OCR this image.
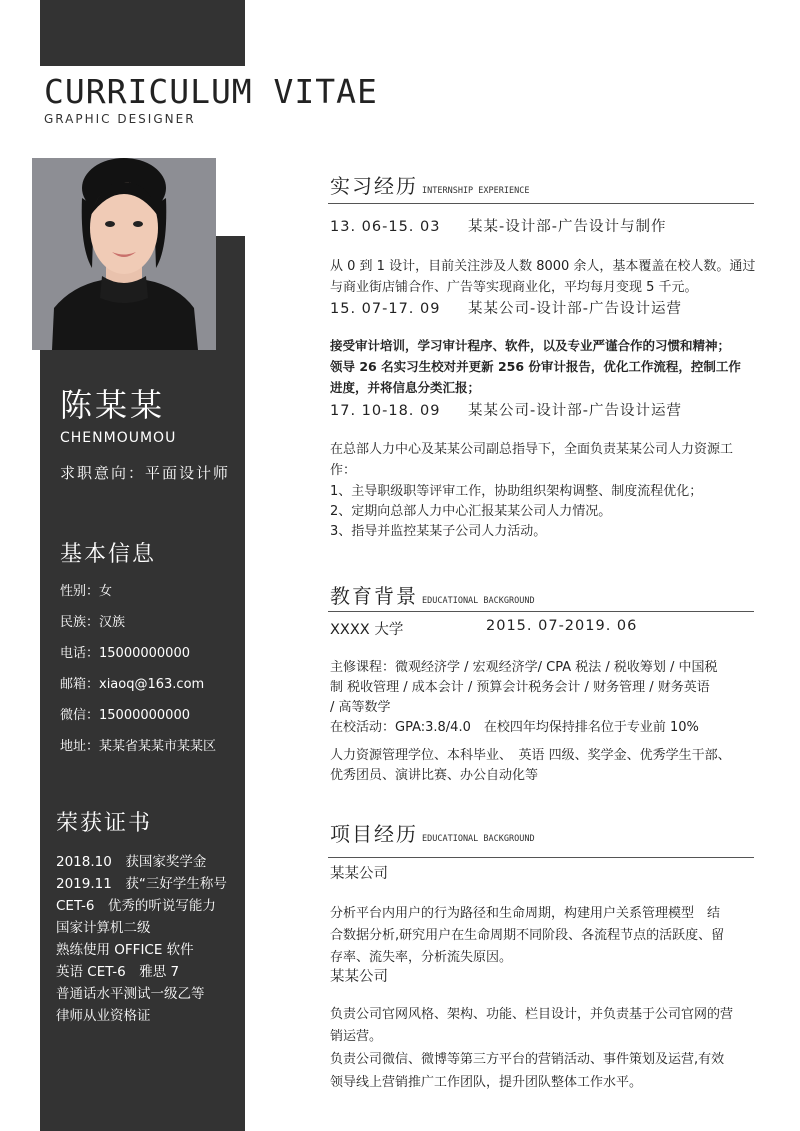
CURRICULUM VITAE
GRAPHIC DESIGNER
陈某某
CHENMOUMOU
求职意向：平面设计师
基本信息
性别：女
民族：汉族
电话：15000000000
邮箱：xiaoq@163.com
微信：15000000000
地址：某某省某某市某某区
荣获证书
2018.10　获国家奖学金
2019.11　获“三好学生称号
CET-6　优秀的听说写能力
国家计算机二级
熟练使用 OFFICE 软件
英语 CET-6　雅思 7
普通话水平测试一级乙等
律师从业资格证
实习经历 INTERNSHIP EXPERIENCE
13. 06-15. 03 某某-设计部-广告设计与制作
从 0 到 1 设计，目前关注涉及人数 8000 余人，基本覆盖在校人数。通过
与商业街店铺合作、广告等实现商业化，平均每月变现 5 千元。
15. 07-17. 09 某某公司-设计部-广告设计运营
接受审计培训，学习审计程序、软件，以及专业严谨合作的习惯和精神；
领导 26 名实习生校对并更新 256 份审计报告，优化工作流程，控制工作
进度，并将信息分类汇报；
17. 10-18. 09 某某公司-设计部-广告设计运营
在总部人力中心及某某公司副总指导下，全面负责某某公司人力资源工
作：
1、主导职级职等评审工作，协助组织架构调整、制度流程优化；
2、定期向总部人力中心汇报某某公司人力情况。
3、指导并监控某某子公司人力活动。
教育背景 EDUCATIONAL BACKGROUND
XXXX 大学	2015. 07-2019. 06
主修课程：微观经济学 / 宏观经济学/ CPA 税法 / 税收筹划 / 中国税
制 税收管理 / 成本会计 / 预算会计税务会计 / 财务管理 / 财务英语
/ 高等数学
在校活动：GPA:3.8/4.0　在校四年均保持排名位于专业前 10%
人力资源管理学位、本科毕业、　英语 四级、奖学金、优秀学生干部、
优秀团员、演讲比赛、办公自动化等
项目经历 EDUCATIONAL BACKGROUND
某某公司
分析平台内用户的行为路径和生命周期，构建用户关系管理模型　结
合数据分析,研究用户在生命周期不同阶段、各流程节点的活跃度、留
存率、流失率，分析流失原因。
某某公司
负责公司官网风格、架构、功能、栏目设计，并负责基于公司官网的营
销运营。
负责公司微信、微博等第三方平台的营销活动、事件策划及运营,有效
领导线上营销推广工作团队，提升团队整体工作水平。
